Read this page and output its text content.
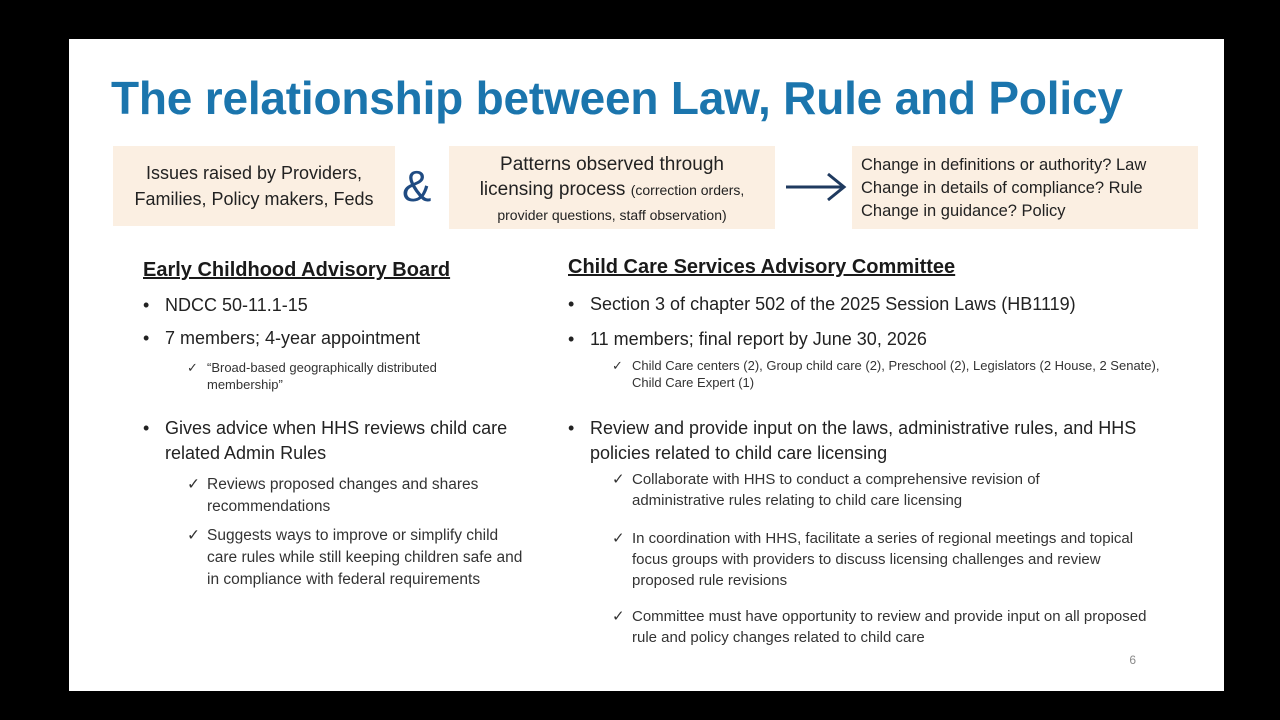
The relationship between Law, Rule and Policy
Issues raised by Providers,
Families, Policy makers, Feds &	Patterns observed through
licensing process (correction orders,
provider questions, staff observation)
Change in definitions or authority? Law
Change in details of compliance? Rule
Change in guidance? Policy
Early Childhood Advisory Board
• NDCC 50-11.1-15
• 7 members; 4-year appointment
✓ “Broad-based geographically distributed membership”
• Gives advice when HHS reviews child care related Admin Rules
✓ Reviews proposed changes and shares recommendations
✓ Suggests ways to improve or simplify child care rules while still keeping children safe and in compliance with federal requirements
Child Care Services Advisory Committee
• Section 3 of chapter 502 of the 2025 Session Laws (HB1119)
• 11 members; final report by June 30, 2026
✓ Child Care centers (2), Group child care (2), Preschool (2), Legislators (2 House, 2 Senate), Child Care Expert (1)
• Review and provide input on the laws, administrative rules, and HHS policies related to child care licensing
✓ Collaborate with HHS to conduct a comprehensive revision of administrative rules relating to child care licensing
✓ In coordination with HHS, facilitate a series of regional meetings and topical focus groups with providers to discuss licensing challenges and review proposed rule revisions
✓ Committee must have opportunity to review and provide input on all proposed rule and policy changes related to child care
6
